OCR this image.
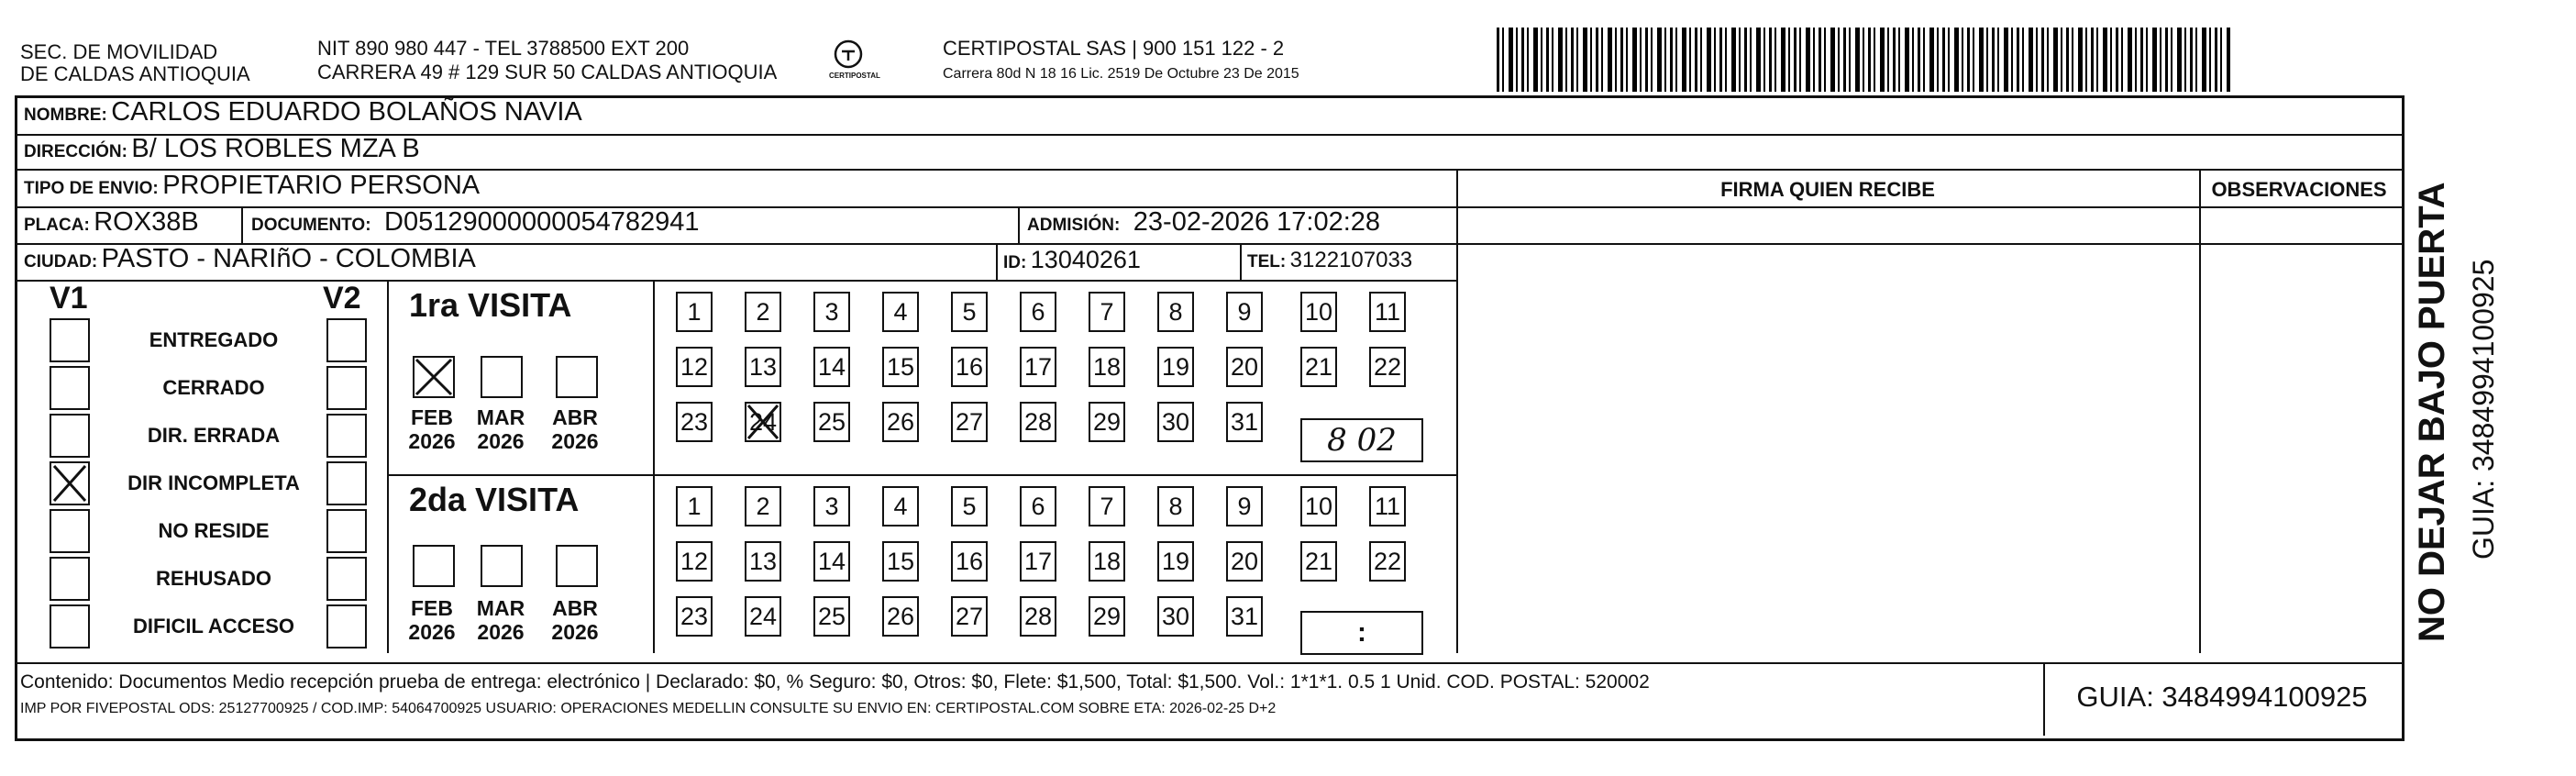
SEC. DE MOVILIDAD
DE CALDAS ANTIOQUIA
NIT 890 980 447 - TEL 3788500 EXT 200
CARRERA 49 # 129 SUR 50 CALDAS ANTIOQUIA	CERTIPOSTAL
CERTIPOSTAL SAS | 900 151 122 - 2
Carrera 80d N 18 16 Lic. 2519 De Octubre 23 De 2015
NOMBRE: CARLOS EDUARDO BOLAÑOS NAVIA
DIRECCIÓN: B/ LOS ROBLES MZA B
TIPO DE ENVIO: PROPIETARIO PERSONA
PLACA: ROX38B	DOCUMENTO: D05129000000054782941	ADMISIÓN: 23-02-2026 17:02:28
CIUDAD: PASTO - NARIñO - COLOMBIA	ID: 13040261	TEL: 3122107033
FIRMA QUIEN RECIBE	OBSERVACIONES
V1	V2
ENTREGADO
CERRADO
DIR. ERRADA
DIR INCOMPLETA
NO RESIDE
REHUSADO
DIFICIL ACCESO
1ra VISITA
2da VISITA
FEB
2026
MAR
2026
ABR
2026
FEB
2026
MAR
2026
ABR
2026
1	2	3	4	5	6	7	8	9	10 11
12 13 14 15 16 17 18 19 20 21 22
23 24 25 26 27 28 29 30 31
1	2	3	4	5	6	7	8	9	10 11
12 13 14 15 16 17 18 19 20 21 22
23 24 25 26 27 28 29 30 31
8 02
:
Contenido: Documentos Medio recepción prueba de entrega: electrónico | Declarado: $0, % Seguro: $0, Otros: $0, Flete: $1,500, Total: $1,500. Vol.: 1*1*1. 0.5 1 Unid. COD. POSTAL: 520002
IMP POR FIVEPOSTAL ODS: 25127700925 / COD.IMP: 54064700925 USUARIO: OPERACIONES MEDELLIN CONSULTE SU ENVIO EN: CERTIPOSTAL.COM SOBRE ETA: 2026-02-25 D+2	GUIA: 3484994100925
NO DEJAR BAJO PUERTA GUIA: 3484994100925
